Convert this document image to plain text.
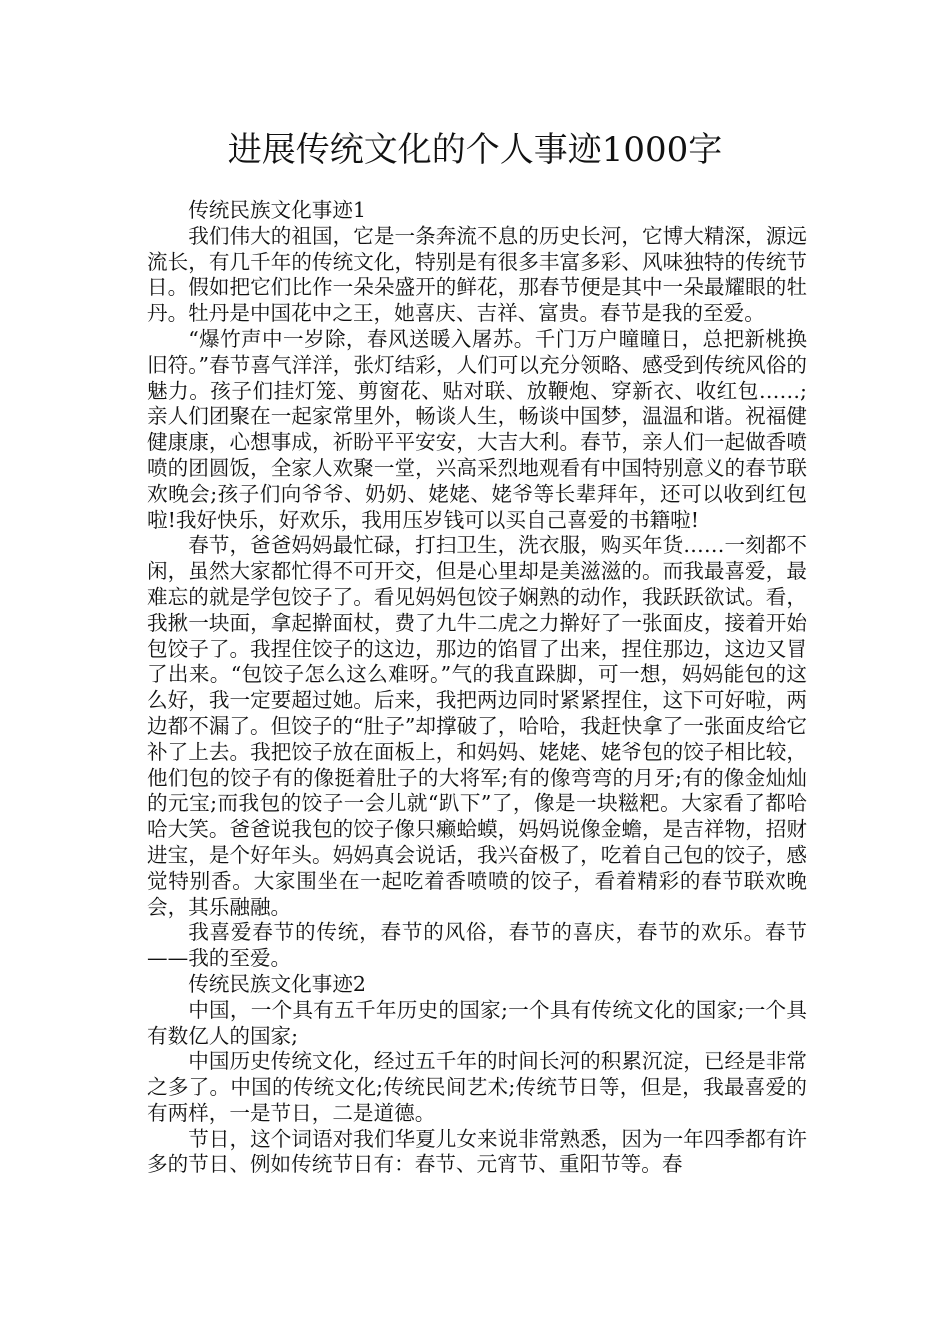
进展传统文化的个人事迹1000字

传统民族文化事迹1

我们伟大的祖国，它是一条奔流不息的历史长河，它博大精深，源远流长，有几千年的传统文化，特别是有很多丰富多彩、风味独特的传统节日。假如把它们比作一朵朵盛开的鲜花，那春节便是其中一朵最耀眼的牡丹。牡丹是中国花中之王，她喜庆、吉祥、富贵。春节是我的至爱。

“爆竹声中一岁除，春风送暖入屠苏。千门万户曈曈日，总把新桃换旧符。”春节喜气洋洋，张灯结彩，人们可以充分领略、感受到传统风俗的魅力。孩子们挂灯笼、剪窗花、贴对联、放鞭炮、穿新衣、收红包……;亲人们团聚在一起家常里外，畅谈人生，畅谈中国梦，温温和谐。祝福健健康康，心想事成，祈盼平平安安，大吉大利。春节，亲人们一起做香喷喷的团圆饭，全家人欢聚一堂，兴高采烈地观看有中国特别意义的春节联欢晚会;孩子们向爷爷、奶奶、姥姥、姥爷等长辈拜年，还可以收到红包啦!我好快乐，好欢乐，我用压岁钱可以买自己喜爱的书籍啦!

春节，爸爸妈妈最忙碌，打扫卫生，洗衣服，购买年货……一刻都不闲，虽然大家都忙得不可开交，但是心里却是美滋滋的。而我最喜爱，最难忘的就是学包饺子了。看见妈妈包饺子娴熟的动作，我跃跃欲试。看，我揪一块面，拿起擀面杖，费了九牛二虎之力擀好了一张面皮，接着开始包饺子了。我捏住饺子的这边，那边的馅冒了出来，捏住那边，这边又冒了出来。“包饺子怎么这么难呀。”气的我直跺脚，可一想，妈妈能包的这么好，我一定要超过她。后来，我把两边同时紧紧捏住，这下可好啦，两边都不漏了。但饺子的“肚子”却撑破了，哈哈，我赶快拿了一张面皮给它补了上去。我把饺子放在面板上，和妈妈、姥姥、姥爷包的饺子相比较，他们包的饺子有的像挺着肚子的大将军;有的像弯弯的月牙;有的像金灿灿的元宝;而我包的饺子一会儿就“趴下”了，像是一块糍粑。大家看了都哈哈大笑。爸爸说我包的饺子像只癞蛤蟆，妈妈说像金蟾，是吉祥物，招财进宝，是个好年头。妈妈真会说话，我兴奋极了，吃着自己包的饺子，感觉特别香。大家围坐在一起吃着香喷喷的饺子，看着精彩的春节联欢晚会，其乐融融。

我喜爱春节的传统，春节的风俗，春节的喜庆，春节的欢乐。春节——我的至爱。

传统民族文化事迹2

中国，一个具有五千年历史的国家;一个具有传统文化的国家;一个具有数亿人的国家;

中国历史传统文化，经过五千年的时间长河的积累沉淀，已经是非常之多了。中国的传统文化;传统民间艺术;传统节日等，但是，我最喜爱的有两样，一是节日，二是道德。

节日，这个词语对我们华夏儿女来说非常熟悉，因为一年四季都有许多的节日、例如传统节日有：春节、元宵节、重阳节等。春
